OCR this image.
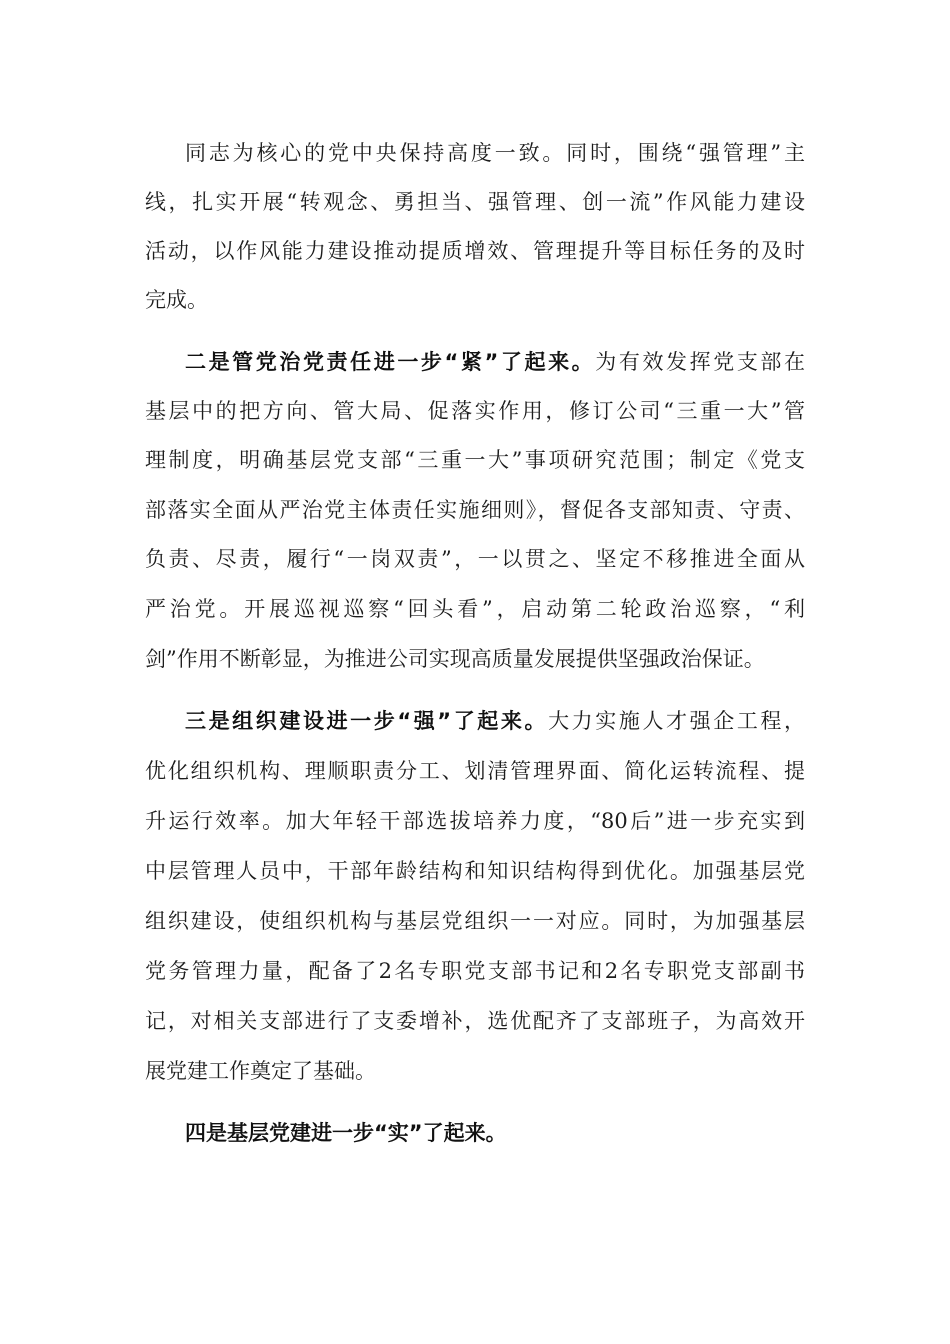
同志为核心的党中央保持高度一致。同时，围绕“强管理”主
线，扎实开展“转观念、勇担当、强管理、创一流”作风能力建设
活动，以作风能力建设推动提质增效、管理提升等目标任务的及时
完成。
二是管党治党责任进一步“紧”了起来。为有效发挥党支部在
基层中的把方向、管大局、促落实作用，修订公司“三重一大”管
理制度，明确基层党支部“三重一大”事项研究范围；制定《党支
部落实全面从严治党主体责任实施细则》，督促各支部知责、守责、
负责、尽责，履行“一岗双责”，一以贯之、坚定不移推进全面从
严治党。开展巡视巡察“回头看”，启动第二轮政治巡察，“利
剑”作用不断彰显，为推进公司实现高质量发展提供坚强政治保证。
三是组织建设进一步“强”了起来。大力实施人才强企工程，
优化组织机构、理顺职责分工、划清管理界面、简化运转流程、提
升运行效率。加大年轻干部选拔培养力度，“80后”进一步充实到
中层管理人员中，干部年龄结构和知识结构得到优化。加强基层党
组织建设，使组织机构与基层党组织一一对应。同时，为加强基层
党务管理力量，配备了2名专职党支部书记和2名专职党支部副书
记，对相关支部进行了支委增补，选优配齐了支部班子，为高效开
展党建工作奠定了基础。
四是基层党建进一步“实”了起来。
